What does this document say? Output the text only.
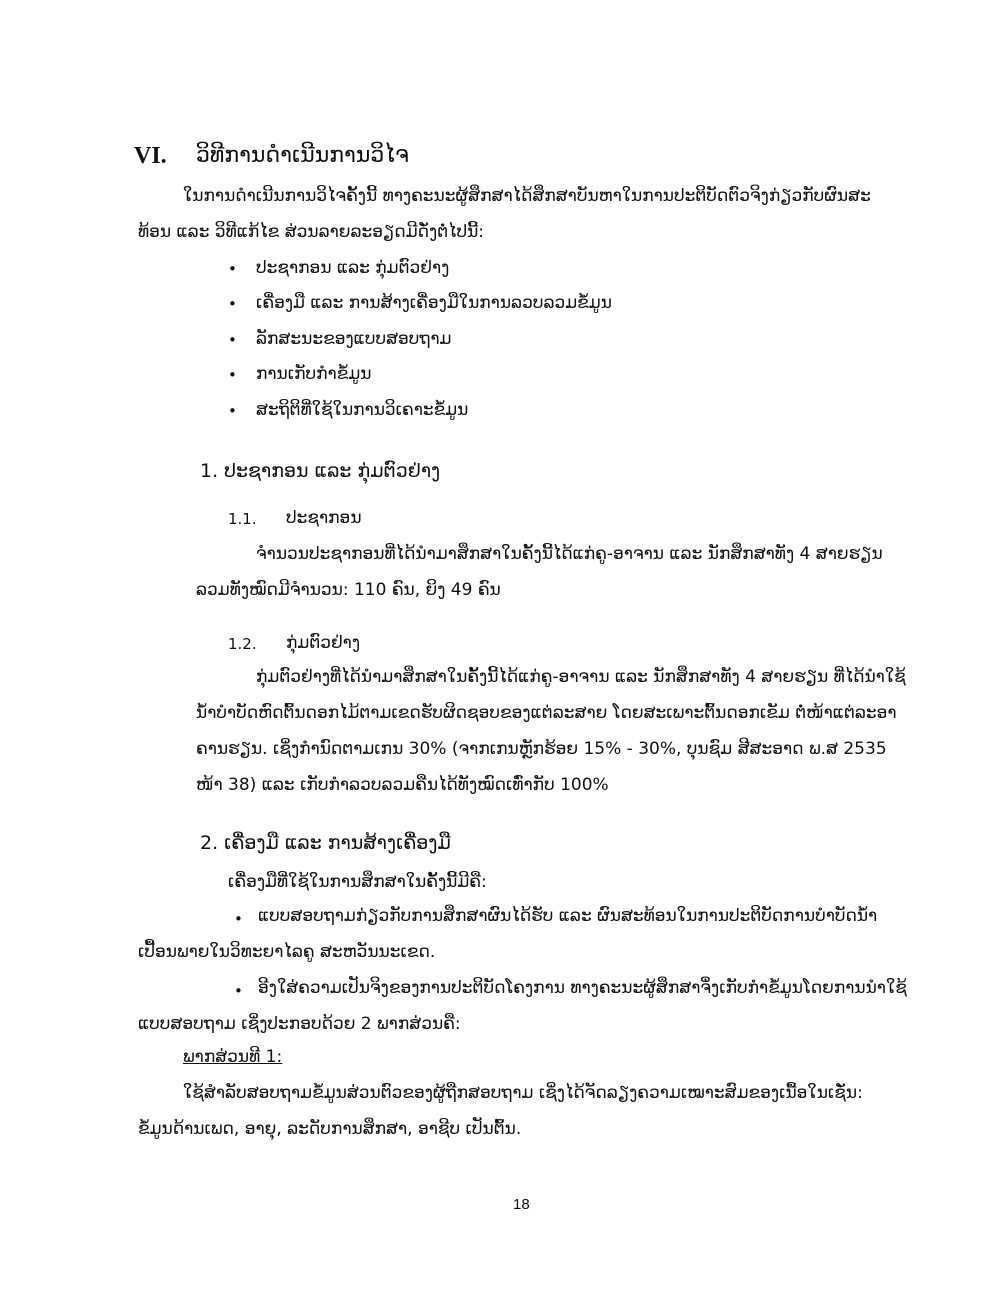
VI. ວິທີການດຳເນີນການວິໄຈ
ໃນການດຳເນີນການວິໄຈຄັ້ງນີ້ ທາງຄະນະຜູ້ສຶກສາໄດ້ສຶກສາບັນຫາໃນການປະຕິບັດຕົວຈິງກ່ຽວກັບຜົນສະ
ທ້ອນ ແລະ ວິທີແກ້ໄຂ ສ່ວນລາຍລະອຽດມີດັ່ງຕໍ່ໄປນີ້:
• ປະຊາກອນ ແລະ ກຸ່ມຕົວຢ່າງ
• ເຄື່ອງມື ແລະ ການສ້າງເຄື່ອງມືໃນການລວບລວມຂໍ້ມູນ
• ລັກສະນະຂອງແບບສອບຖາມ
• ການເກັບກຳຂໍ້ມູນ
• ສະຖິຕິທີ່ໃຊ້ໃນການວິເຄາະຂໍ້ມູນ
1. ປະຊາກອນ ແລະ ກຸ່ມຕົວຢ່າງ
1.1. ປະຊາກອນ
ຈຳນວນປະຊາກອນທີ່ໄດ້ນຳມາສຶກສາໃນຄັ້ງນີ້ໄດ້ແກ່ຄູ-ອາຈານ ແລະ ນັກສຶກສາທັງ 4 ສາຍຮຽນ
ລວມທັງໝົດມີຈຳນວນ: 110 ຄົນ, ຍິງ 49 ຄົນ
1.2. ກຸ່ມຕົວຢ່າງ
ກຸ່ມຕົວຢ່າງທີ່ໄດ້ນຳມາສຶກສາໃນຄັ້ງນີ້ໄດ້ແກ່ຄູ-ອາຈານ ແລະ ນັກສຶກສາທັງ 4 ສາຍຮຽນ ທີ່ໄດ້ນຳໃຊ້
ນ້ຳບຳບັດຫົດຕົ້ນດອກໄມ້ຕາມເຂດຮັບຜິດຊອບຂອງແຕ່ລະສາຍ ໂດຍສະເພາະຕົ້ນດອກເຂັມ ຕໍ່ໜ້າແຕ່ລະອາ
ຄານຮຽນ. ເຊິ່ງກຳນົດຕາມເກນ 30% (ຈາກເກນຫຼັກຮ້ອຍ 15% - 30%, ບຸນຊົມ ສີສະອາດ ພ.ສ 2535
ໜ້າ 38) ແລະ ເກັບກຳລວບລວມຄືນໄດ້ທັງໝົດເທົ່າກັບ 100%
2. ເຄື່ອງມື ແລະ ການສ້າງເຄື່ອງມື
ເຄື່ອງມືທີ່ໃຊ້ໃນການສຶກສາໃນຄັ້ງນີ້ມີຄື:
• ແບບສອບຖາມກ່ຽວກັບການສຶກສາຜົນໄດ້ຮັບ ແລະ ຜົນສະທ້ອນໃນການປະຕິບັດການບຳບັດນ້ຳ
ເປື້ອນພາຍໃນວິທະຍາໄລຄູ ສະຫວັນນະເຂດ.
• ອີງໃສ່ຄວາມເປັນຈິງຂອງການປະຕິບັດໂຄງການ ທາງຄະນະຜູ້ສຶກສາຈຶ່ງເກັບກຳຂໍ້ມູນໂດຍການນຳໃຊ້
ແບບສອບຖາມ ເຊິ່ງປະກອບດ້ວຍ 2 ພາກສ່ວນຄື:
ພາກສ່ວນທີ 1:
ໃຊ້ສຳລັບສອບຖາມຂໍ້ມູນສ່ວນຕົວຂອງຜູ້ຖືກສອບຖາມ ເຊິ່ງໄດ້ຈັດລຽງຄວາມເໝາະສົມຂອງເນື້ອໃນເຊັ່ນ:
ຂໍ້ມູນດ້ານເພດ, ອາຍຸ, ລະດັບການສຶກສາ, ອາຊີບ ເປັນຕົ້ນ.
18
